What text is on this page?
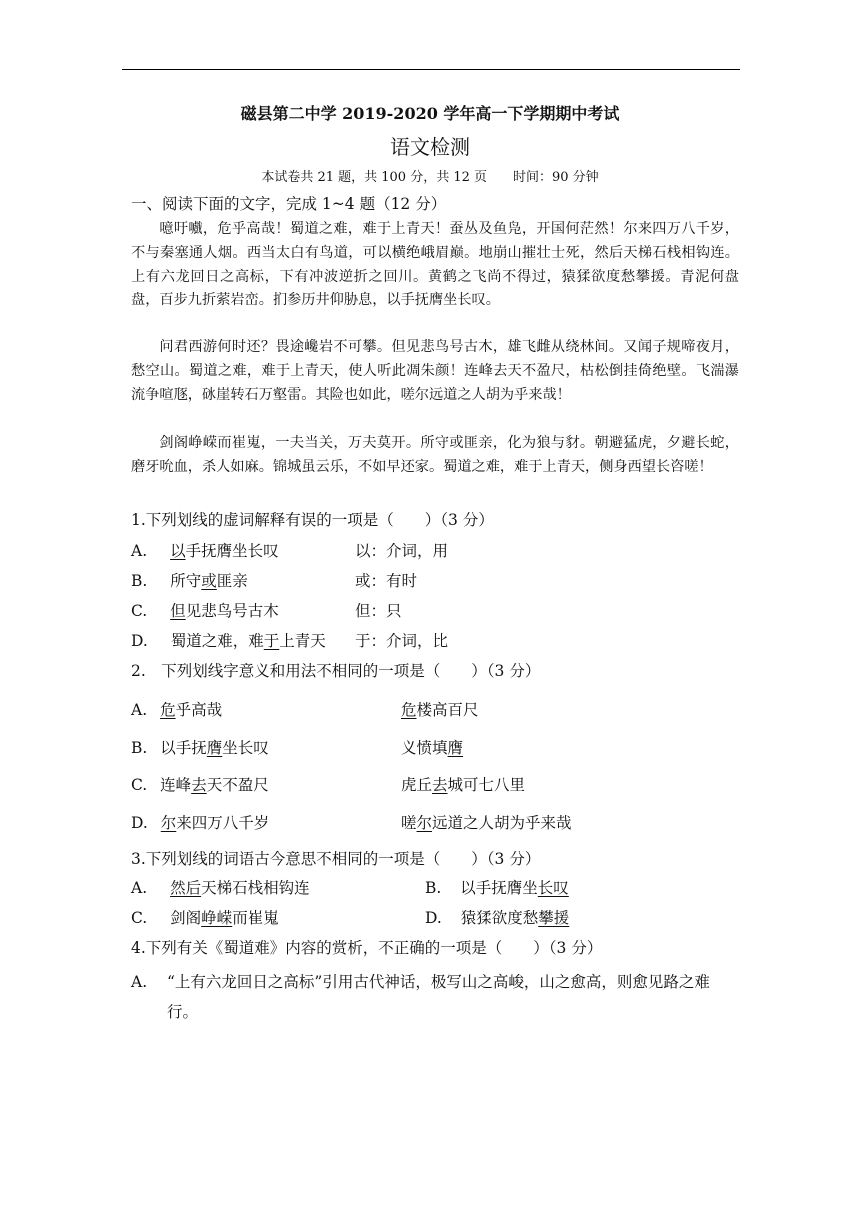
磁县第二中学 2019-2020 学年高一下学期期中考试
语文检测
本试卷共 21 题，共 100 分，共 12 页　　时间：90 分钟
一、阅读下面的文字，完成 1~4 题（12 分）
噫吁嚱，危乎高哉！蜀道之难，难于上青天！蚕丛及鱼凫，开国何茫然！尔来四万八千岁，不与秦塞通人烟。西当太白有鸟道，可以横绝峨眉巅。地崩山摧壮士死，然后天梯石栈相钩连。上有六龙回日之高标，下有冲波逆折之回川。黄鹤之飞尚不得过，猿猱欲度愁攀援。青泥何盘盘，百步九折萦岩峦。扪参历井仰胁息，以手抚膺坐长叹。
问君西游何时还？畏途巉岩不可攀。但见悲鸟号古木，雄飞雌从绕林间。又闻子规啼夜月，愁空山。蜀道之难，难于上青天，使人听此凋朱颜！连峰去天不盈尺，枯松倒挂倚绝壁。飞湍瀑流争喧豗，砯崖转石万壑雷。其险也如此，嗟尔远道之人胡为乎来哉！
剑阁峥嵘而崔嵬，一夫当关，万夫莫开。所守或匪亲，化为狼与豺。朝避猛虎，夕避长蛇，磨牙吮血，杀人如麻。锦城虽云乐，不如早还家。蜀道之难，难于上青天，侧身西望长咨嗟！
1.下列划线的虚词解释有误的一项是（　　）（3 分）
A. 以手抚膺坐长叹	以：介词，用
B. 所守或匪亲	或：有时
C. 但见悲鸟号古木	但：只
D. 蜀道之难，难于上青天 于：介词，比
2.　下列划线字意义和用法不相同的一项是（　　）（3 分）
A. 危乎高哉	危楼高百尺
B. 以手抚膺坐长叹	义愤填膺
C. 连峰去天不盈尺	虎丘去城可七八里
D. 尔来四万八千岁	嗟尔远道之人胡为乎来哉
3.下列划线的词语古今意思不相同的一项是（　　）（3 分）
A. 然后天梯石栈相钩连	B. 以手抚膺坐长叹
C. 剑阁峥嵘而崔嵬	D. 猿猱欲度愁攀援
4.下列有关《蜀道难》内容的赏析，不正确的一项是（　　）（3 分）
A.	“上有六龙回日之高标”引用古代神话，极写山之高峻，山之愈高，则愈见路之难行。
